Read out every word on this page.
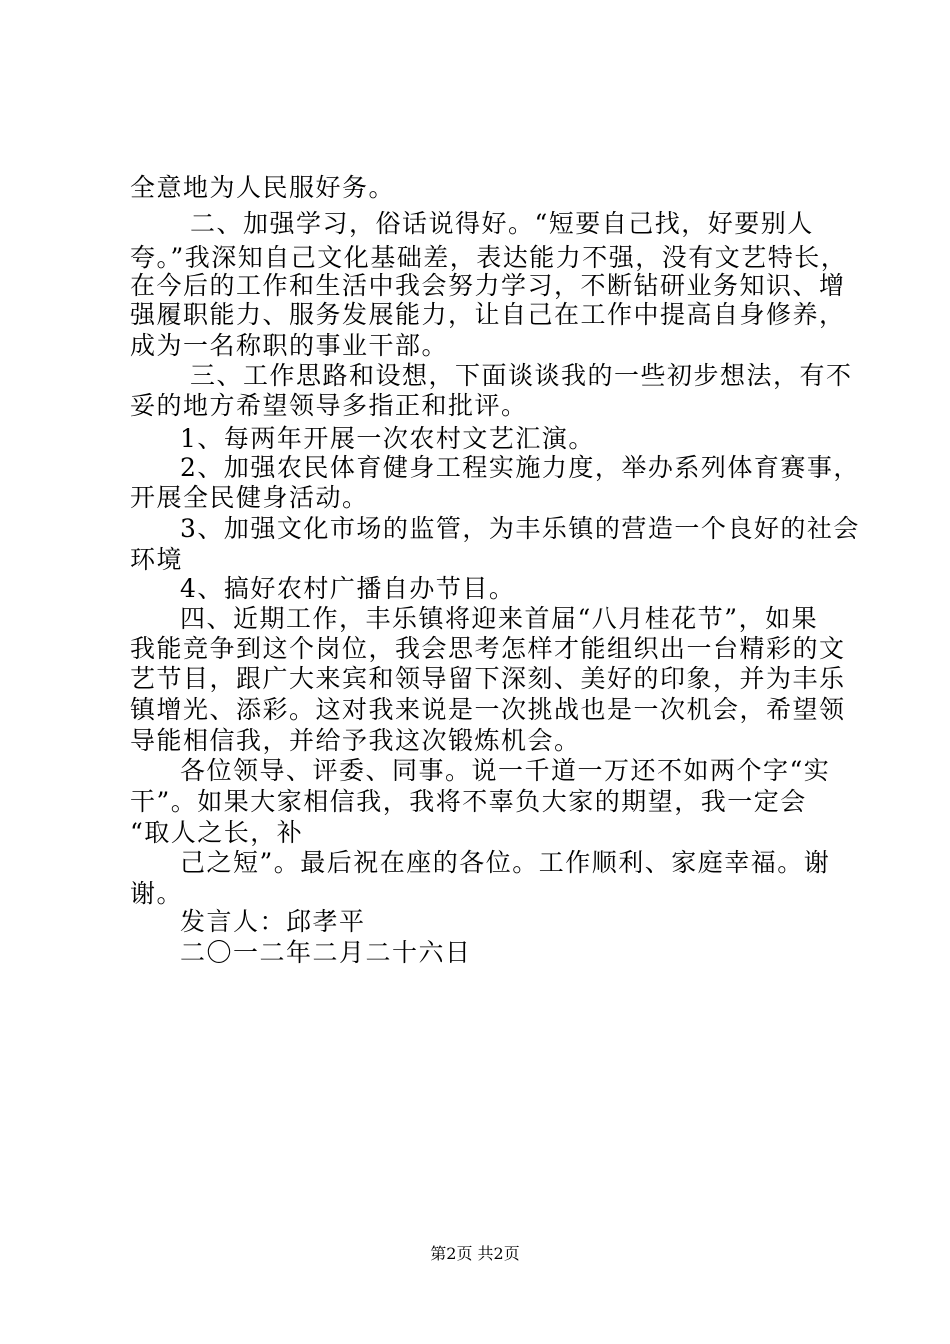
全意地为人民服好务。
二、加强学习，俗话说得好。“短要自己找，好要别人
夸。”我深知自己文化基础差，表达能力不强，没有文艺特长，
在今后的工作和生活中我会努力学习，不断钻研业务知识、增
强履职能力、服务发展能力，让自己在工作中提高自身修养，
成为一名称职的事业干部。
三、工作思路和设想，下面谈谈我的一些初步想法，有不
妥的地方希望领导多指正和批评。
1、每两年开展一次农村文艺汇演。
2、加强农民体育健身工程实施力度，举办系列体育赛事，
开展全民健身活动。
3、加强文化市场的监管，为丰乐镇的营造一个良好的社会
环境
4、搞好农村广播自办节目。
四、近期工作，丰乐镇将迎来首届“八月桂花节”，如果
我能竞争到这个岗位，我会思考怎样才能组织出一台精彩的文
艺节目，跟广大来宾和领导留下深刻、美好的印象，并为丰乐
镇增光、添彩。这对我来说是一次挑战也是一次机会，希望领
导能相信我，并给予我这次锻炼机会。
各位领导、评委、同事。说一千道一万还不如两个字“实
干”。如果大家相信我，我将不辜负大家的期望，我一定会
“取人之长，补
己之短”。最后祝在座的各位。工作顺利、家庭幸福。谢
谢。
发言人：邱孝平
二〇一二年二月二十六日
第2页 共2页
